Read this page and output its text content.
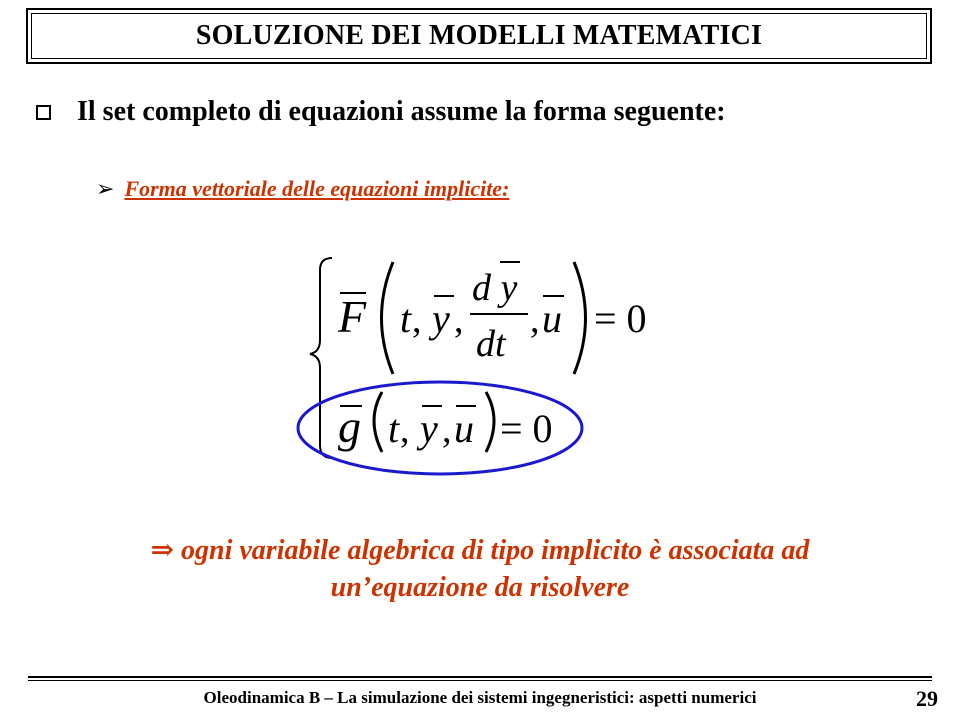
SOLUZIONE DEI MODELLI MATEMATICI
Il set completo di equazioni assume la forma seguente:
➢ Forma vettoriale delle equazioni implicite:
F t , y ,
d y
dt
, u = 0
g t , y , u = 0
⇒ ogni variabile algebrica di tipo implicito è associata ad
un’equazione da risolvere
Oleodinamica B – La simulazione dei sistemi ingegneristici: aspetti numerici	29
